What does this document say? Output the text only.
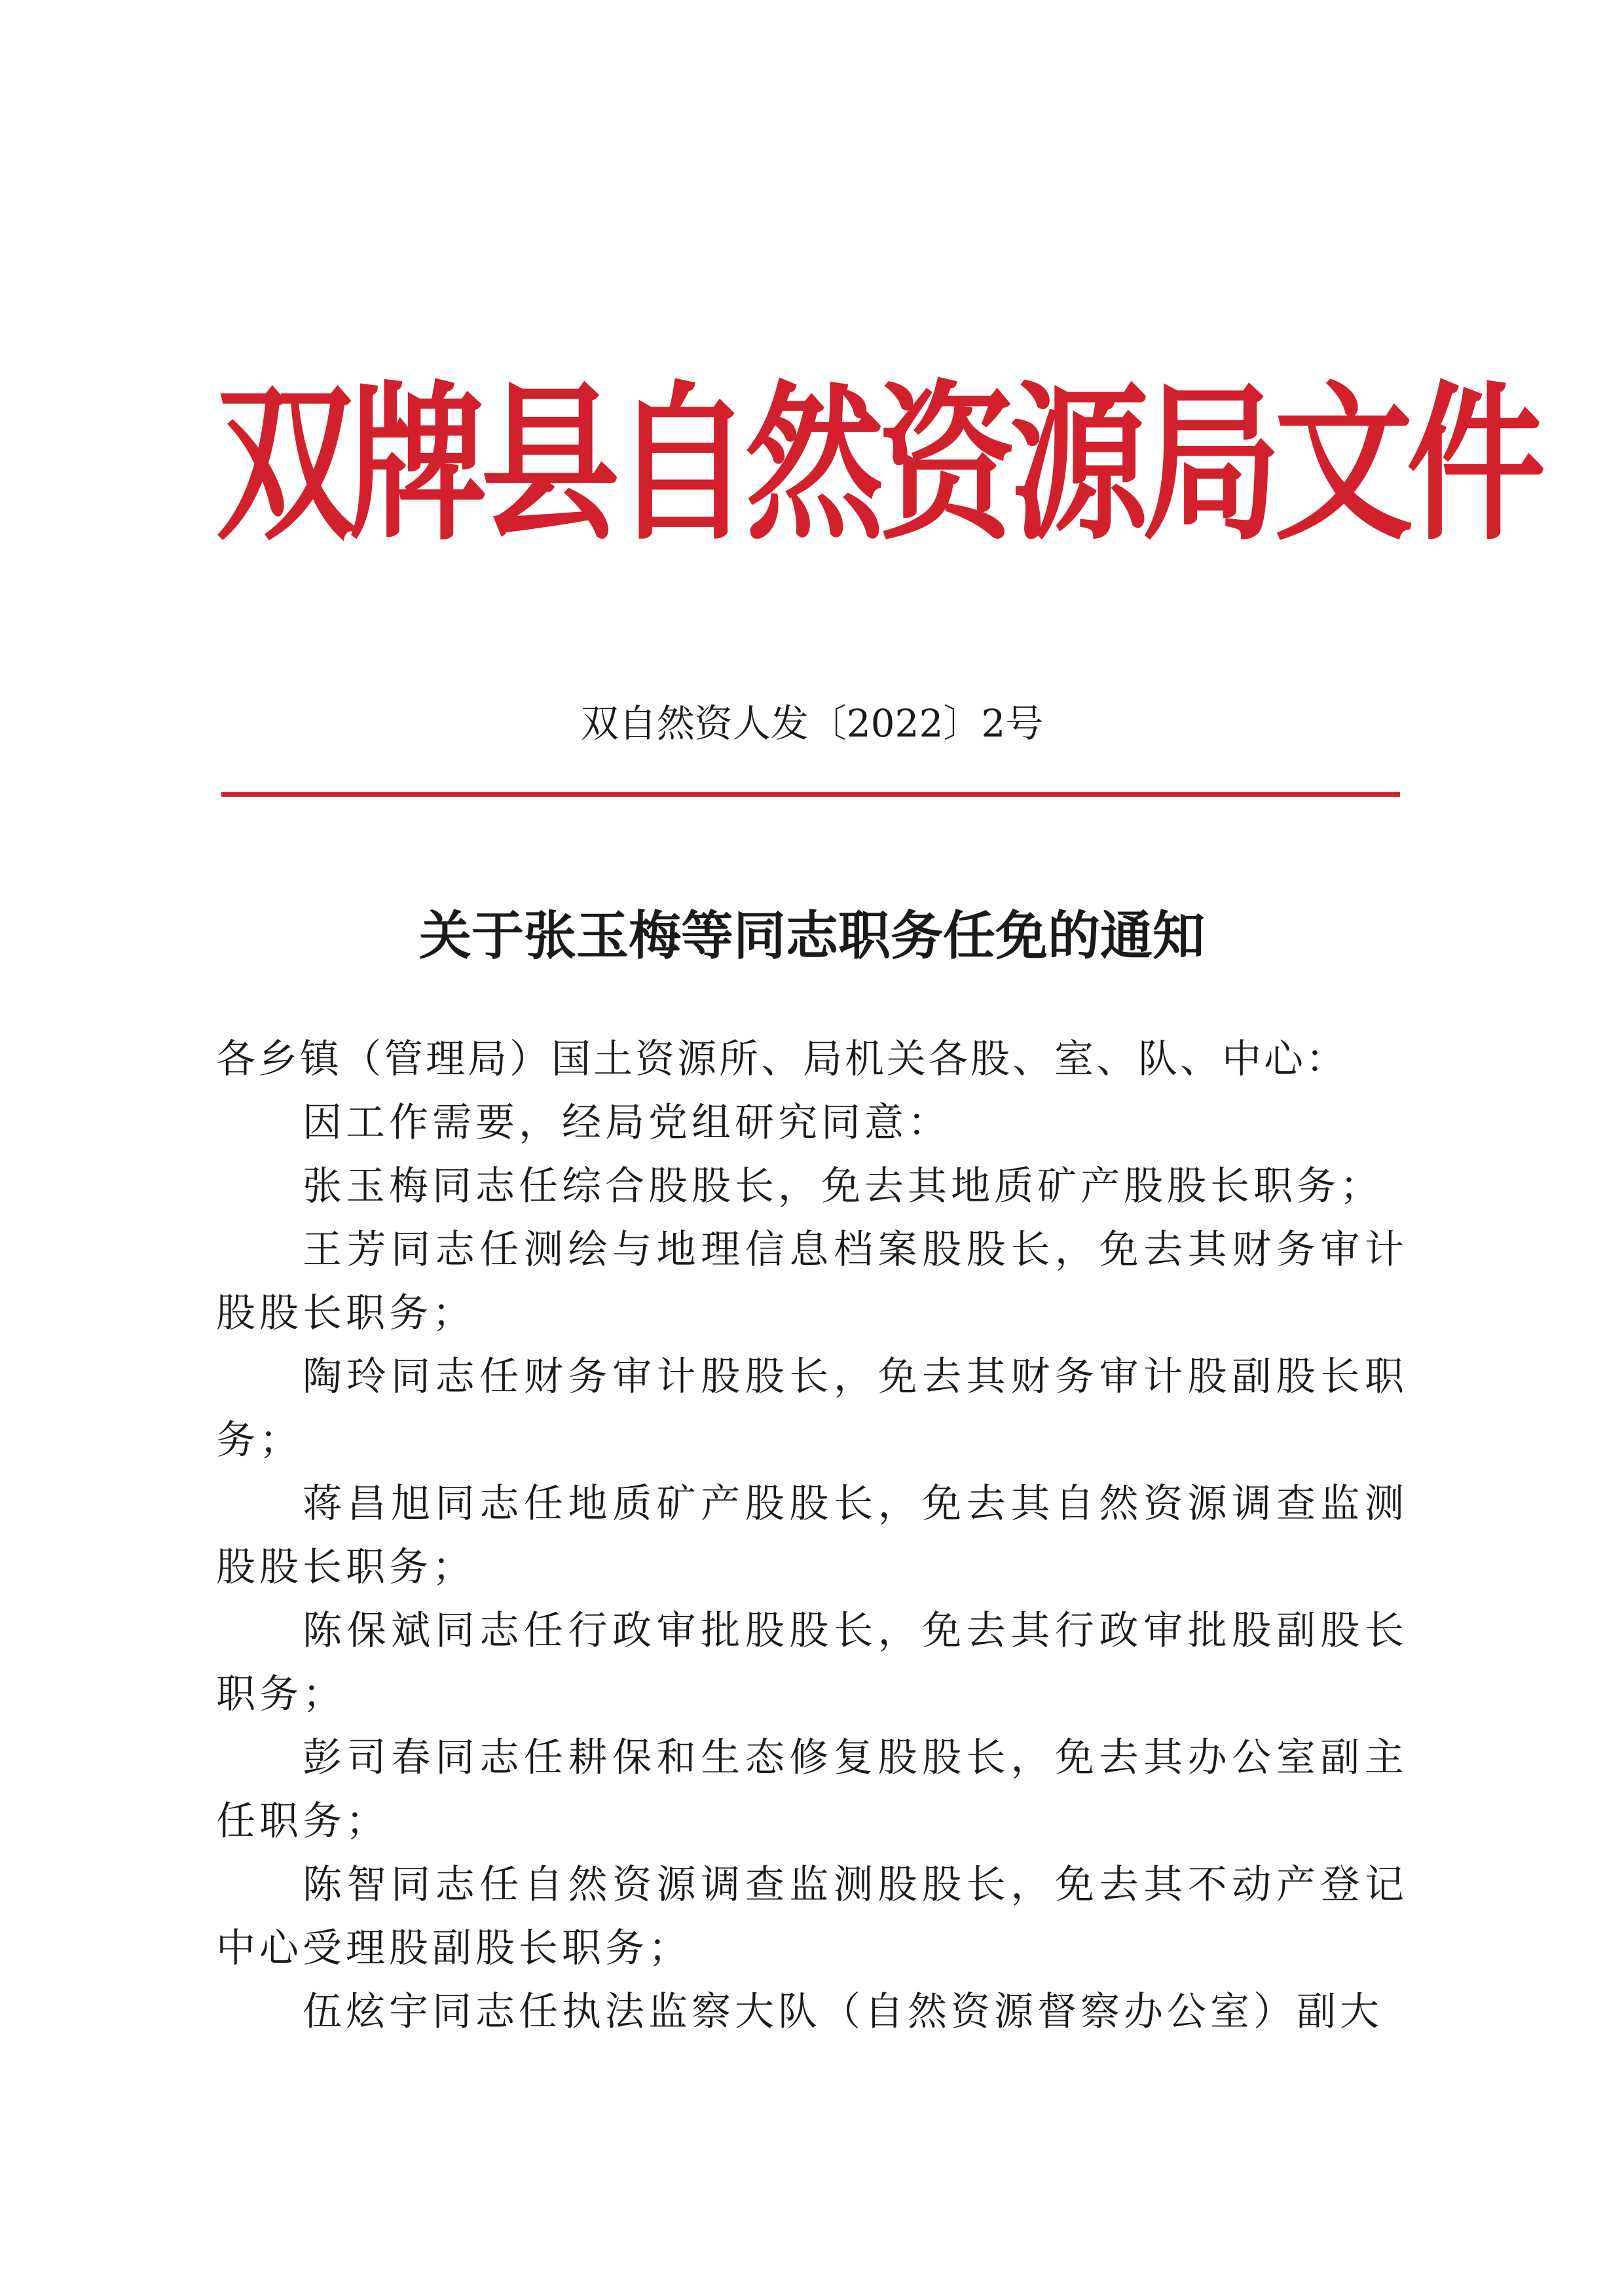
双牌县自然资源局文件
双自然资人发〔2022〕2号
关于张玉梅等同志职务任免的通知

各乡镇（管理局）国土资源所、局机关各股、室、队、中心：

因工作需要，经局党组研究同意：

张玉梅同志任综合股股长，免去其地质矿产股股长职务；

王芳同志任测绘与地理信息档案股股长，免去其财务审计股股长职务；

陶玲同志任财务审计股股长，免去其财务审计股副股长职务；

蒋昌旭同志任地质矿产股股长，免去其自然资源调查监测股股长职务；

陈保斌同志任行政审批股股长，免去其行政审批股副股长职务；

彭司春同志任耕保和生态修复股股长，免去其办公室副主任职务；

陈智同志任自然资源调查监测股股长，免去其不动产登记中心受理股副股长职务；

伍炫宇同志任执法监察大队（自然资源督察办公室）副大
